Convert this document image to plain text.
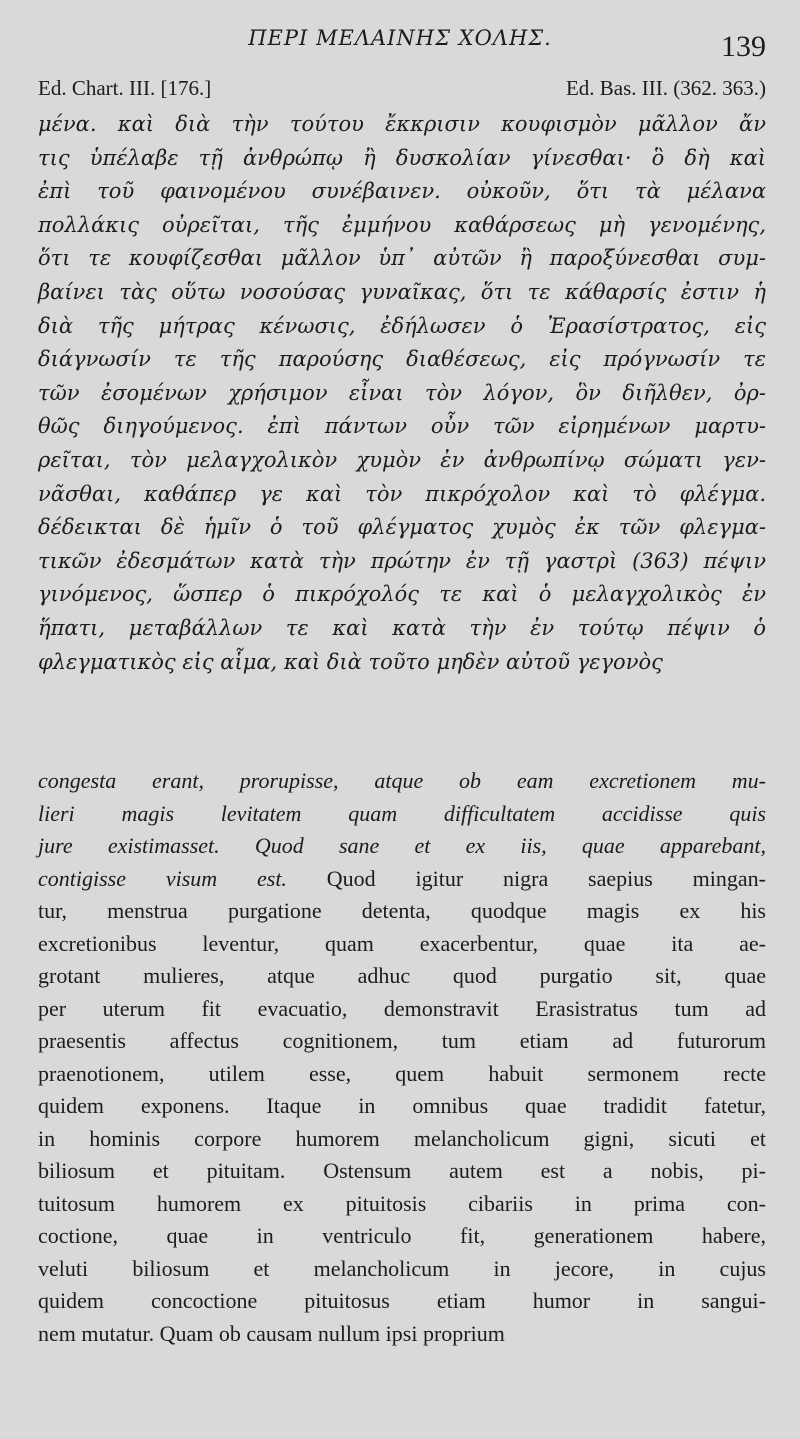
ΠΕΡΙ ΜΕΛΑΙΝΗΣ ΧΟΛΗΣ.	139
Ed. Chart. III. [176.]	Ed. Bas. III. (362. 363.)
μένα. καὶ διὰ τὴν τούτου ἔκκρισιν κουφισμὸν μᾶλλον ἄν
τις ὑπέλαβε τῇ ἀνθρώπῳ ἢ δυσκολίαν γίνεσθαι· ὃ δὴ καὶ
ἐπὶ τοῦ φαινομένου συνέβαινεν. οὐκοῦν, ὅτι τὰ μέλανα
πολλάκις οὐρεῖται, τῆς ἐμμήνου καθάρσεως μὴ γενομένης,
ὅτι τε κουφίζεσθαι μᾶλλον ὑπ᾽ αὐτῶν ἢ παροξύνεσθαι συμ-
βαίνει τὰς οὕτω νοσούσας γυναῖκας, ὅτι τε κάθαρσίς ἐστιν ἡ
διὰ τῆς μήτρας κένωσις, ἐδήλωσεν ὁ Ἐρασίστρατος, εἰς
διάγνωσίν τε τῆς παρούσης διαθέσεως, εἰς πρόγνωσίν τε
τῶν ἐσομένων χρήσιμον εἶναι τὸν λόγον, ὃν διῆλθεν, ὀρ-
θῶς διηγούμενος. ἐπὶ πάντων οὖν τῶν εἰρημένων μαρτυ-
ρεῖται, τὸν μελαγχολικὸν χυμὸν ἐν ἀνθρωπίνῳ σώματι γεν-
νᾶσθαι, καθάπερ γε καὶ τὸν πικρόχολον καὶ τὸ φλέγμα.
δέδεικται δὲ ἡμῖν ὁ τοῦ φλέγματος χυμὸς ἐκ τῶν φλεγμα-
τικῶν ἐδεσμάτων κατὰ τὴν πρώτην ἐν τῇ γαστρὶ (363) πέψιν
γινόμενος, ὥσπερ ὁ πικρόχολός τε καὶ ὁ μελαγχολικὸς ἐν
ἥπατι, μεταβάλλων τε καὶ κατὰ τὴν ἐν τούτῳ πέψιν ὁ
φλεγματικὸς εἰς αἷμα, καὶ διὰ τοῦτο μηδὲν αὐτοῦ γεγονὸς
congesta erant, prorupisse, atque ob eam excretionem mu-
lieri magis levitatem quam difficultatem accidisse quis
jure existimasset. Quod sane et ex iis, quae apparebant,
contigisse visum est. Quod igitur nigra saepius mingan-
tur, menstrua purgatione detenta, quodque magis ex his
excretionibus leventur, quam exacerbentur, quae ita ae-
grotant mulieres, atque adhuc quod purgatio sit, quae
per uterum fit evacuatio, demonstravit Erasistratus tum ad
praesentis affectus cognitionem, tum etiam ad futurorum
praenotionem, utilem esse, quem habuit sermonem recte
quidem exponens. Itaque in omnibus quae tradidit fatetur,
in hominis corpore humorem melancholicum gigni, sicuti et
biliosum et pituitam. Ostensum autem est a nobis, pi-
tuitosum humorem ex pituitosis cibariis in prima con-
coctione, quae in ventriculo fit, generationem habere,
veluti biliosum et melancholicum in jecore, in cujus
quidem concoctione pituitosus etiam humor in sangui-
nem mutatur. Quam ob causam nullum ipsi proprium
